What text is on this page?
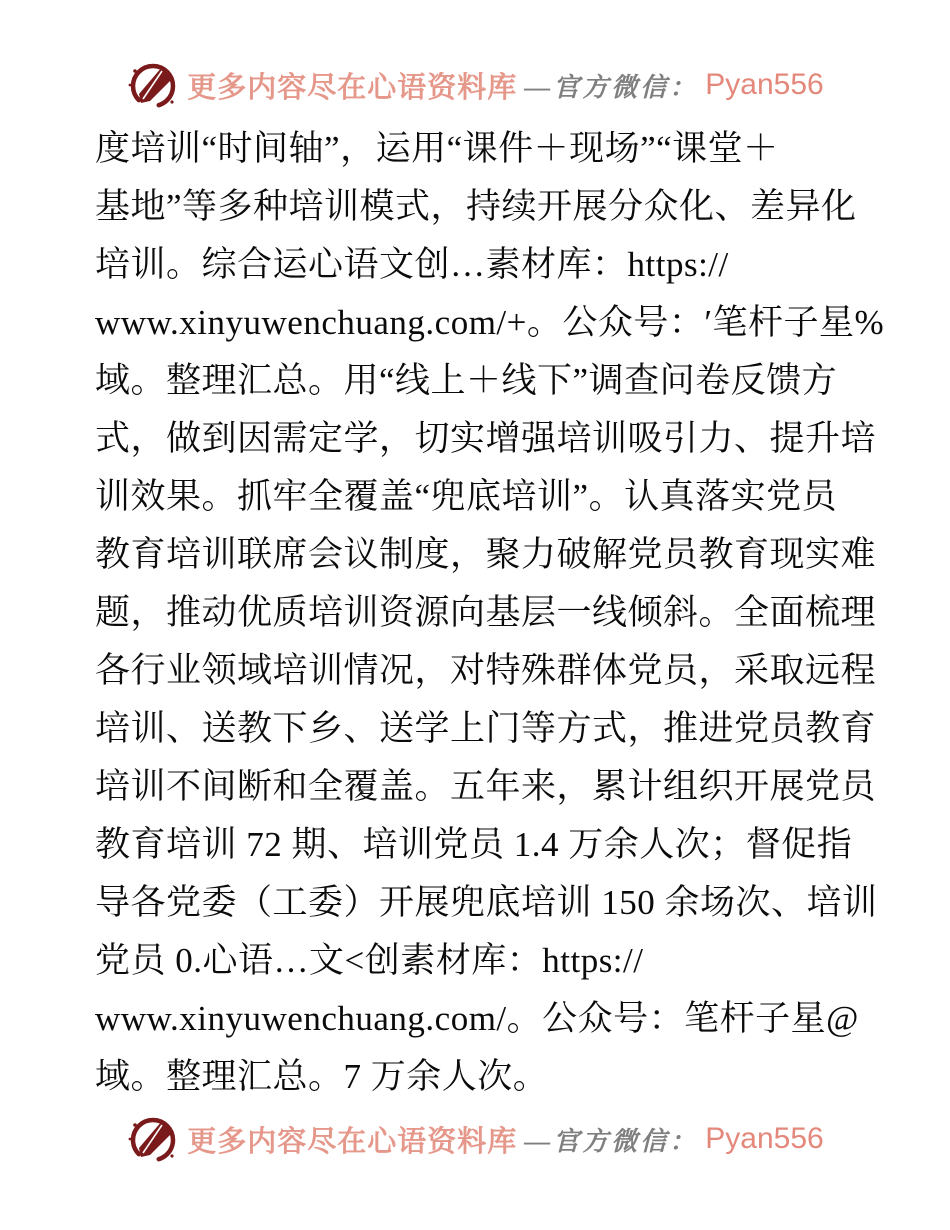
更多内容尽在心语资料库 —官方微信： Pyan556
度培训“时间轴”，运用“课件＋现场”“课堂＋
基地”等多种培训模式，持续开展分众化、差异化
培训。综合运心语文创…素材库：https://
www.xinyuwenchuang.com/+。公众号：′笔杆子星%
域。整理汇总。用“线上＋线下”调查问卷反馈方
式，做到因需定学，切实增强培训吸引力、提升培
训效果。抓牢全覆盖“兜底培训”。认真落实党员
教育培训联席会议制度，聚力破解党员教育现实难
题，推动优质培训资源向基层一线倾斜。全面梳理
各行业领域培训情况，对特殊群体党员，采取远程
培训、送教下乡、送学上门等方式，推进党员教育
培训不间断和全覆盖。五年来，累计组织开展党员
教育培训 72 期、培训党员 1.4 万余人次；督促指
导各党委（工委）开展兜底培训 150 余场次、培训
党员 0.心语…文<创素材库：https://
www.xinyuwenchuang.com/。公众号：笔杆子星@
域。整理汇总。7 万余人次。
更多内容尽在心语资料库 —官方微信： Pyan556
